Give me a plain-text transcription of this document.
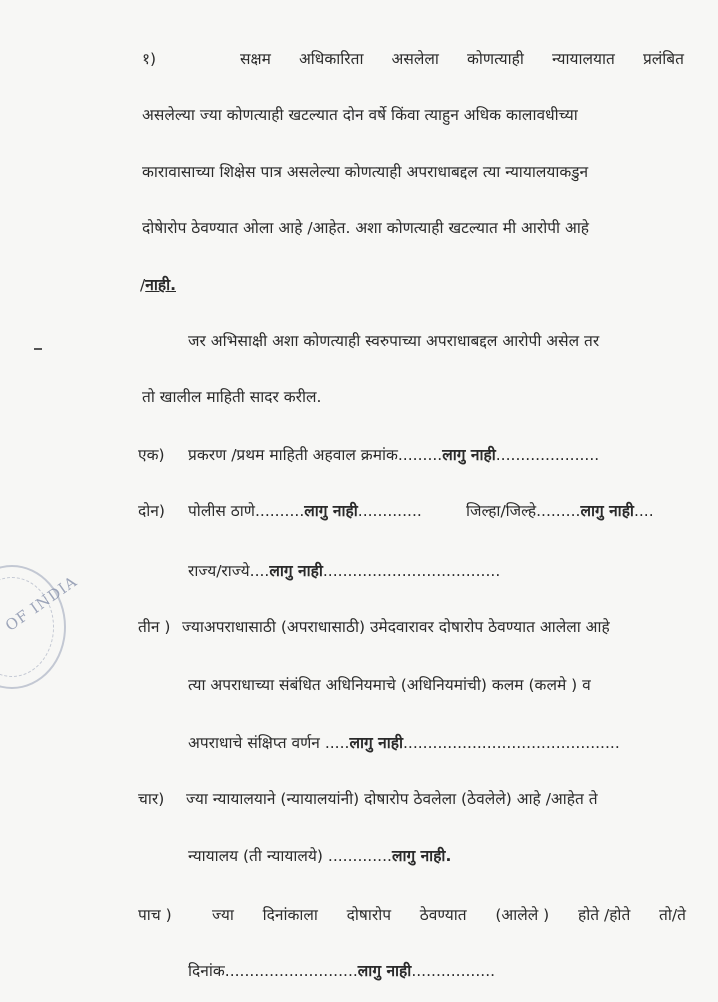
OF INDIA
१)	सक्षम अधिकारिता असलेला कोणत्याही न्यायालयात प्रलंबित
असलेल्या ज्या कोणत्याही खटल्यात दोन वर्षे किंवा त्याहुन अधिक कालावधीच्या
कारावासाच्या शिक्षेस पात्र असलेल्या कोणत्याही अपराधाबद्दल त्या न्यायालयाकडुन
दोषेारोप ठेवण्यात ओला आहे /आहेत. अशा कोणत्याही खटल्यात मी आरोपी आहे
/नाही.
जर अभिसाक्षी अशा कोणत्याही स्वरुपाच्या अपराधाबद्दल आरोपी असेल तर
तो खालील माहिती सादर करील.
एक) प्रकरण /प्रथम माहिती अहवाल क्रमांक.........लागु नाही.....................
दोन) पोलीस ठाणे..........लागु नाही.............	जिल्हा/जिल्हे.........लागु नाही....
राज्य/राज्ये....लागु नाही....................................
तीन ) ज्याअपराधासाठी (अपराधासाठी) उमेदवारावर दोषारोप ठेवण्यात आलेला आहे
त्या अपराधाच्या संबंधित अधिनियमाचे (अधिनियमांची) कलम (कलमे ) व
अपराधाचे संक्षिप्त वर्णन .....लागु नाही............................................
चार) ज्या न्यायालयाने (न्यायालयांनी) दोषारोप ठेवलेला (ठेवलेले) आहे /आहेत ते
न्यायालय (ती न्यायालये) .............लागु नाही.
पाच )	ज्या दिनांकाला दोषारोप ठेवण्यात (आलेले ) होते /होते तो/ते
दिनांक...........................लागु नाही.................
